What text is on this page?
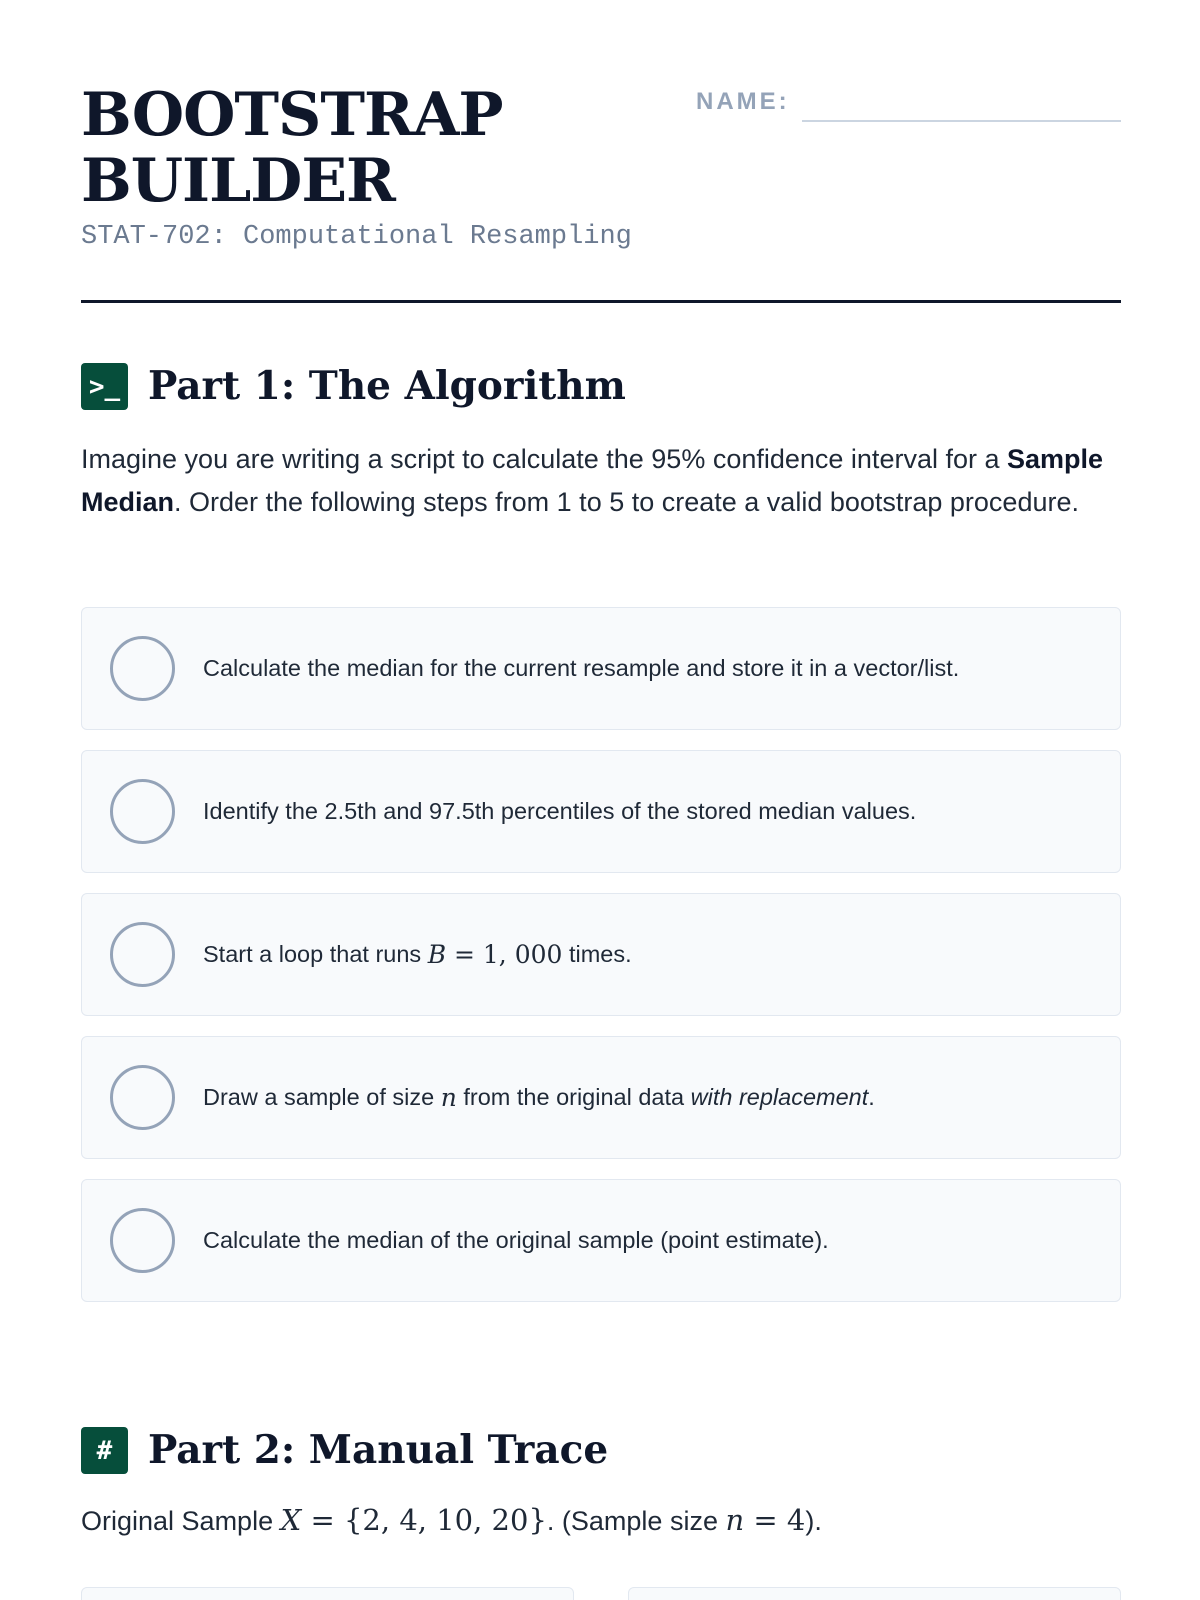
BOOTSTRAP BUILDER
STAT-702: Computational Resampling
NAME:
>_ Part 1: The Algorithm
Imagine you are writing a script to calculate the 95% confidence interval for a Sample Median. Order the following steps from 1 to 5 to create a valid bootstrap procedure.
Calculate the median for the current resample and store it in a vector/list.
Identify the 2.5th and 97.5th percentiles of the stored median values.
Start a loop that runs
B = 1, 000
times.
Draw a sample of size
n
from the original data
with replacement .
Calculate the median of the original sample (point estimate).
# Part 2: Manual Trace
Original Sample X = {2, 4, 10, 20}. (Sample size n = 4).
